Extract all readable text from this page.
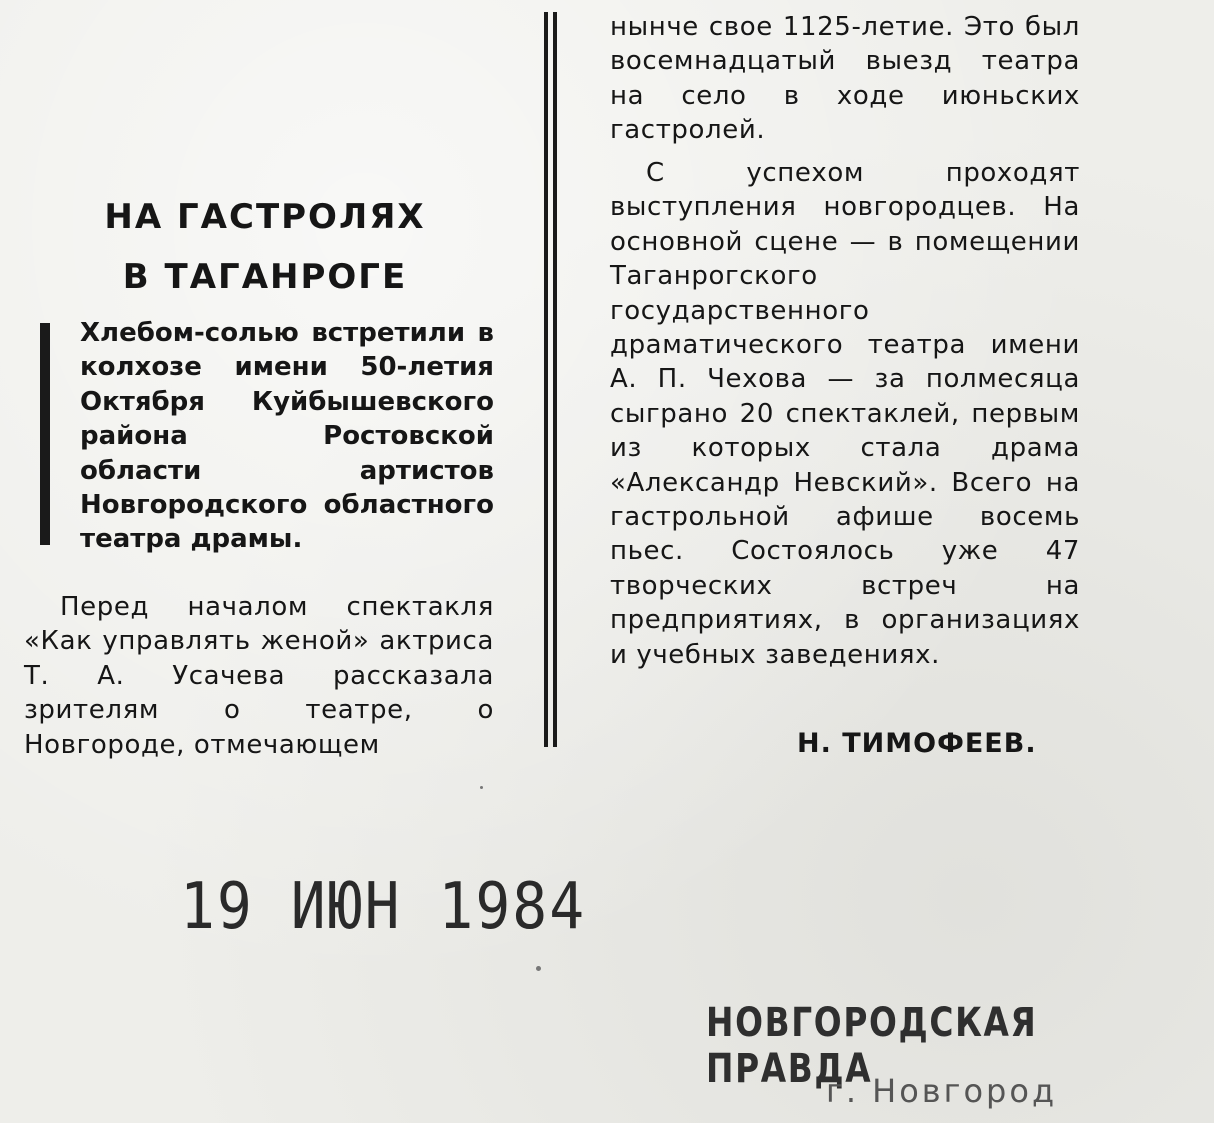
НА ГАСТРОЛЯХ
В ТАГАНРОГЕ

Хлебом-солью встретили в колхозе имени 50-летия Октября Куйбышевского района Ростовской области артистов Новгородского областного театра драмы.

Перед началом спектакля «Как управлять женой» актриса Т. А. Усачева рассказала зрителям о театре, о Новгороде, отмечающем

нынче свое 1125-летие. Это был восемнадцатый выезд театра на село в ходе июньских гастролей.

С успехом проходят выступления новгородцев. На основной сцене — в помещении Таганрогского государственного драматического театра имени А. П. Чехова — за полмесяца сыграно 20 спектаклей, первым из которых стала драма «Александр Невский». Всего на гастрольной афише восемь пьес. Состоялось уже 47 творческих встреч на предприятиях, в организациях и учебных заведениях.

Н. ТИМОФЕЕВ.

19 ИЮН 1984

НОВГОРОДСКАЯ ПРАВДА

г. Новгород
